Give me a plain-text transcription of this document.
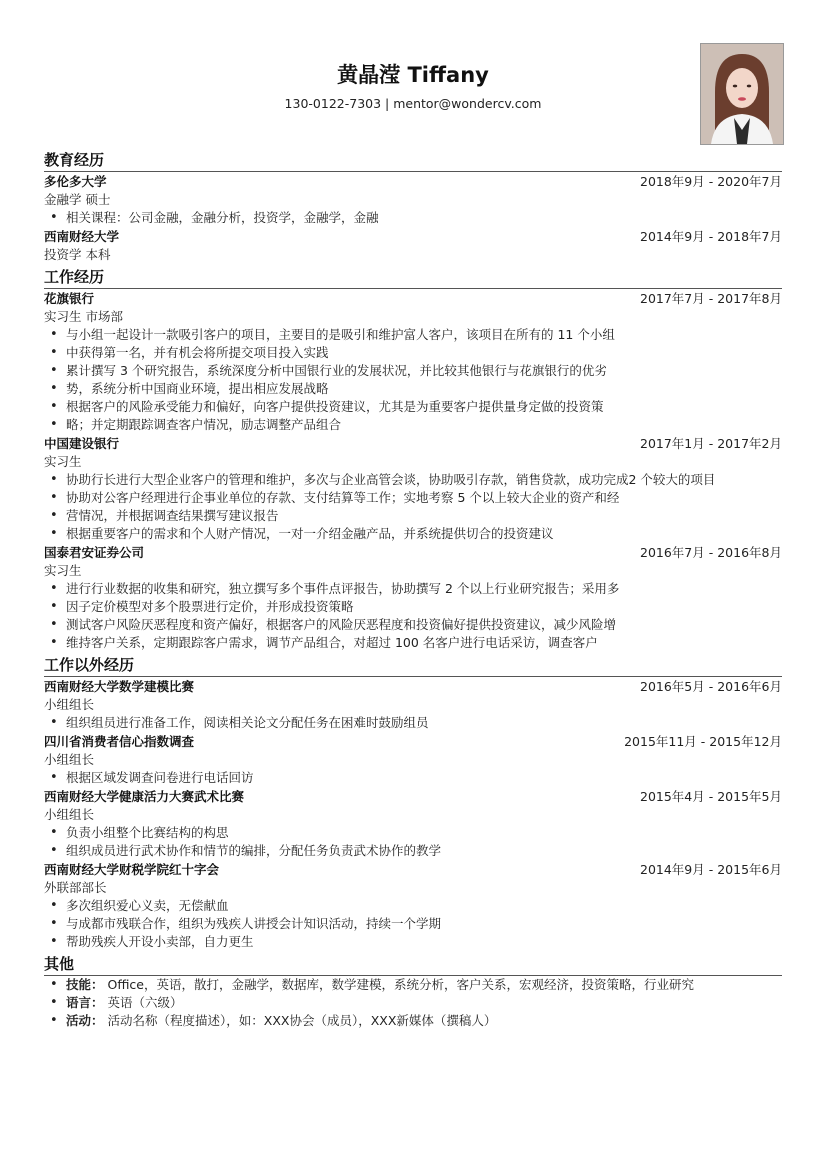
黄晶滢 Tiffany
130-0122-7303 | mentor@wondercv.com
教育经历
多伦多大学	2018年9月 - 2020年7月
金融学 硕士
• 相关课程：公司金融，金融分析，投资学，金融学，金融
西南财经大学	2014年9月 - 2018年7月
投资学 本科
工作经历
花旗银行	2017年7月 - 2017年8月
实习生 市场部
• 与小组一起设计一款吸引客户的项目，主要目的是吸引和维护富人客户，该项目在所有的 11 个小组
• 中获得第一名，并有机会将所提交项目投入实践
• 累计撰写 3 个研究报告，系统深度分析中国银行业的发展状况，并比较其他银行与花旗银行的优劣
• 势，系统分析中国商业环境，提出相应发展战略
• 根据客户的风险承受能力和偏好，向客户提供投资建议，尤其是为重要客户提供量身定做的投资策
• 略；并定期跟踪调查客户情况，励志调整产品组合
中国建设银行	2017年1月 - 2017年2月
实习生
• 协助行长进行大型企业客户的管理和维护，多次与企业高管会谈，协助吸引存款，销售贷款，成功完成2 个较大的项目
• 协助对公客户经理进行企事业单位的存款、支付结算等工作；实地考察 5 个以上较大企业的资产和经
• 营情况，并根据调查结果撰写建议报告
• 根据重要客户的需求和个人财产情况，一对一介绍金融产品，并系统提供切合的投资建议
国泰君安证券公司	2016年7月 - 2016年8月
实习生
• 进行行业数据的收集和研究，独立撰写多个事件点评报告，协助撰写 2 个以上行业研究报告；采用多
• 因子定价模型对多个股票进行定价，并形成投资策略
• 测试客户风险厌恶程度和资产偏好，根据客户的风险厌恶程度和投资偏好提供投资建议，减少风险增
• 维持客户关系，定期跟踪客户需求，调节产品组合，对超过 100 名客户进行电话采访，调查客户
工作以外经历
西南财经大学数学建模比赛	2016年5月 - 2016年6月
小组组长
• 组织组员进行准备工作，阅读相关论文分配任务在困难时鼓励组员
四川省消费者信心指数调查	2015年11月 - 2015年12月
小组组长
• 根据区域发调查问卷进行电话回访
西南财经大学健康活力大赛武术比赛	2015年4月 - 2015年5月
小组组长
• 负责小组整个比赛结构的构思
• 组织成员进行武术协作和情节的编排，分配任务负责武术协作的教学
西南财经大学财税学院红十字会	2014年9月 - 2015年6月
外联部部长
• 多次组织爱心义卖，无偿献血
• 与成都市残联合作，组织为残疾人讲授会计知识活动，持续一个学期
• 帮助残疾人开设小卖部，自力更生
其他
• 技能： Office，英语，散打，金融学，数据库，数学建模，系统分析，客户关系，宏观经济，投资策略，行业研究
• 语言： 英语（六级）
• 活动： 活动名称（程度描述），如：XXX协会（成员），XXX新媒体（撰稿人）
